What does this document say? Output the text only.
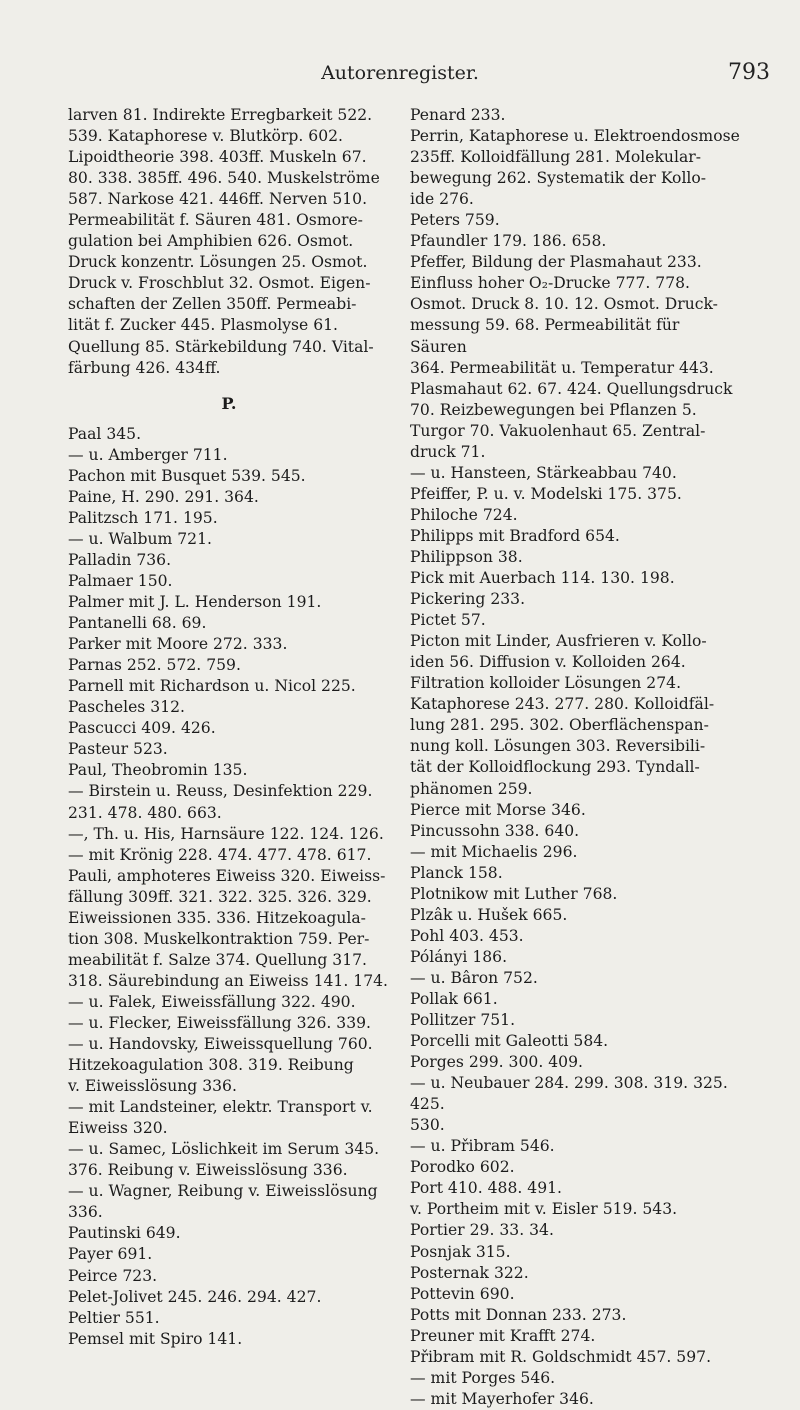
Autorenregister.	793
larven 81. Indirekte Erregbarkeit 522.
539. Kataphorese v. Blutkörp. 602.
Lipoidtheorie 398. 403ff. Muskeln 67.
80. 338. 385ff. 496. 540. Muskelströme
587. Narkose 421. 446ff. Nerven 510.
Permeabilität f. Säuren 481. Osmore-
gulation bei Amphibien 626. Osmot.
Druck konzentr. Lösungen 25. Osmot.
Druck v. Froschblut 32. Osmot. Eigen-
schaften der Zellen 350ff. Permeabi-
lität f. Zucker 445. Plasmolyse 61.
Quellung 85. Stärkebildung 740. Vital-
färbung 426. 434ff.
P.
Paal 345.
— u. Amberger 711.
Pachon mit Busquet 539. 545.
Paine, H. 290. 291. 364.
Palitzsch 171. 195.
— u. Walbum 721.
Palladin 736.
Palmaer 150.
Palmer mit J. L. Henderson 191.
Pantanelli 68. 69.
Parker mit Moore 272. 333.
Parnas 252. 572. 759.
Parnell mit Richardson u. Nicol 225.
Pascheles 312.
Pascucci 409. 426.
Pasteur 523.
Paul, Theobromin 135.
— Birstein u. Reuss, Desinfektion 229.
231. 478. 480. 663.
—, Th. u. His, Harnsäure 122. 124. 126.
— mit Krönig 228. 474. 477. 478. 617.
Pauli, amphoteres Eiweiss 320. Eiweiss-
fällung 309ff. 321. 322. 325. 326. 329.
Eiweissionen 335. 336. Hitzekoagula-
tion 308. Muskelkontraktion 759. Per-
meabilität f. Salze 374. Quellung 317.
318. Säurebindung an Eiweiss 141. 174.
— u. Falek, Eiweissfällung 322. 490.
— u. Flecker, Eiweissfällung 326. 339.
— u. Handovsky, Eiweissquellung 760.
Hitzekoagulation 308. 319. Reibung
v. Eiweisslösung 336.
— mit Landsteiner, elektr. Transport v.
Eiweiss 320.
— u. Samec, Löslichkeit im Serum 345.
376. Reibung v. Eiweisslösung 336.
— u. Wagner, Reibung v. Eiweisslösung
336.
Pautinski 649.
Payer 691.
Peirce 723.
Pelet-Jolivet 245. 246. 294. 427.
Peltier 551.
Pemsel mit Spiro 141.
Penard 233.
Perrin, Kataphorese u. Elektroendosmose
235ff. Kolloidfällung 281. Molekular-
bewegung 262. Systematik der Kollo-
ide 276.
Peters 759.
Pfaundler 179. 186. 658.
Pfeffer, Bildung der Plasmahaut 233.
Einfluss hoher O₂-Drucke 777. 778.
Osmot. Druck 8. 10. 12. Osmot. Druck-
messung 59. 68. Permeabilität für Säuren
364. Permeabilität u. Temperatur 443.
Plasmahaut 62. 67. 424. Quellungsdruck
70. Reizbewegungen bei Pflanzen 5.
Turgor 70. Vakuolenhaut 65. Zentral-
druck 71.
— u. Hansteen, Stärkeabbau 740.
Pfeiffer, P. u. v. Modelski 175. 375.
Philoche 724.
Philipps mit Bradford 654.
Philippson 38.
Pick mit Auerbach 114. 130. 198.
Pickering 233.
Pictet 57.
Picton mit Linder, Ausfrieren v. Kollo-
iden 56. Diffusion v. Kolloiden 264.
Filtration kolloider Lösungen 274.
Kataphorese 243. 277. 280. Kolloidfäl-
lung 281. 295. 302. Oberflächenspan-
nung koll. Lösungen 303. Reversibili-
tät der Kolloidflockung 293. Tyndall-
phänomen 259.
Pierce mit Morse 346.
Pincussohn 338. 640.
— mit Michaelis 296.
Planck 158.
Plotnikow mit Luther 768.
Plzâk u. Hušek 665.
Pohl 403. 453.
Pólányi 186.
— u. Bâron 752.
Pollak 661.
Pollitzer 751.
Porcelli mit Galeotti 584.
Porges 299. 300. 409.
— u. Neubauer 284. 299. 308. 319. 325. 425.
530.
— u. Přibram 546.
Porodko 602.
Port 410. 488. 491.
v. Portheim mit v. Eisler 519. 543.
Portier 29. 33. 34.
Posnjak 315.
Posternak 322.
Pottevin 690.
Potts mit Donnan 233. 273.
Preuner mit Krafft 274.
Přibram mit R. Goldschmidt 457. 597.
— mit Porges 546.
— mit Mayerhofer 346.
